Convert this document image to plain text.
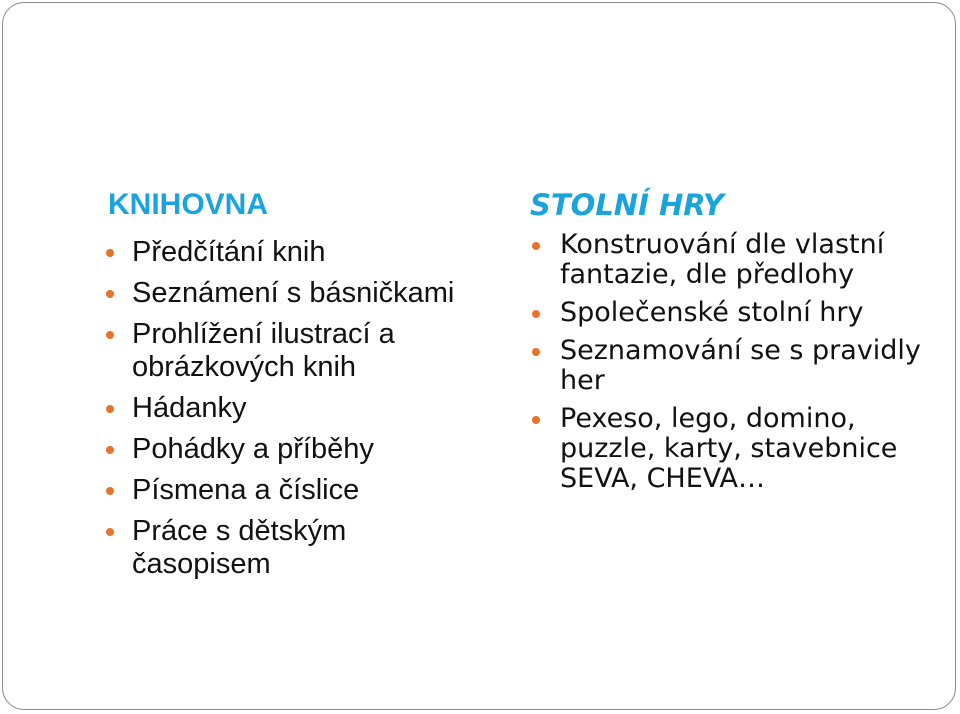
KNIHOVNA
Předčítání knih
Seznámení s básničkami
Prohlížení ilustrací a obrázkových knih
Hádanky
Pohádky a příběhy
Písmena a číslice
Práce s dětským časopisem
STOLNÍ HRY
Konstruování dle vlastní fantazie, dle předlohy
Společenské stolní hry
Seznamování se s pravidly her
Pexeso, lego, domino, puzzle, karty, stavebnice SEVA, CHEVA…
